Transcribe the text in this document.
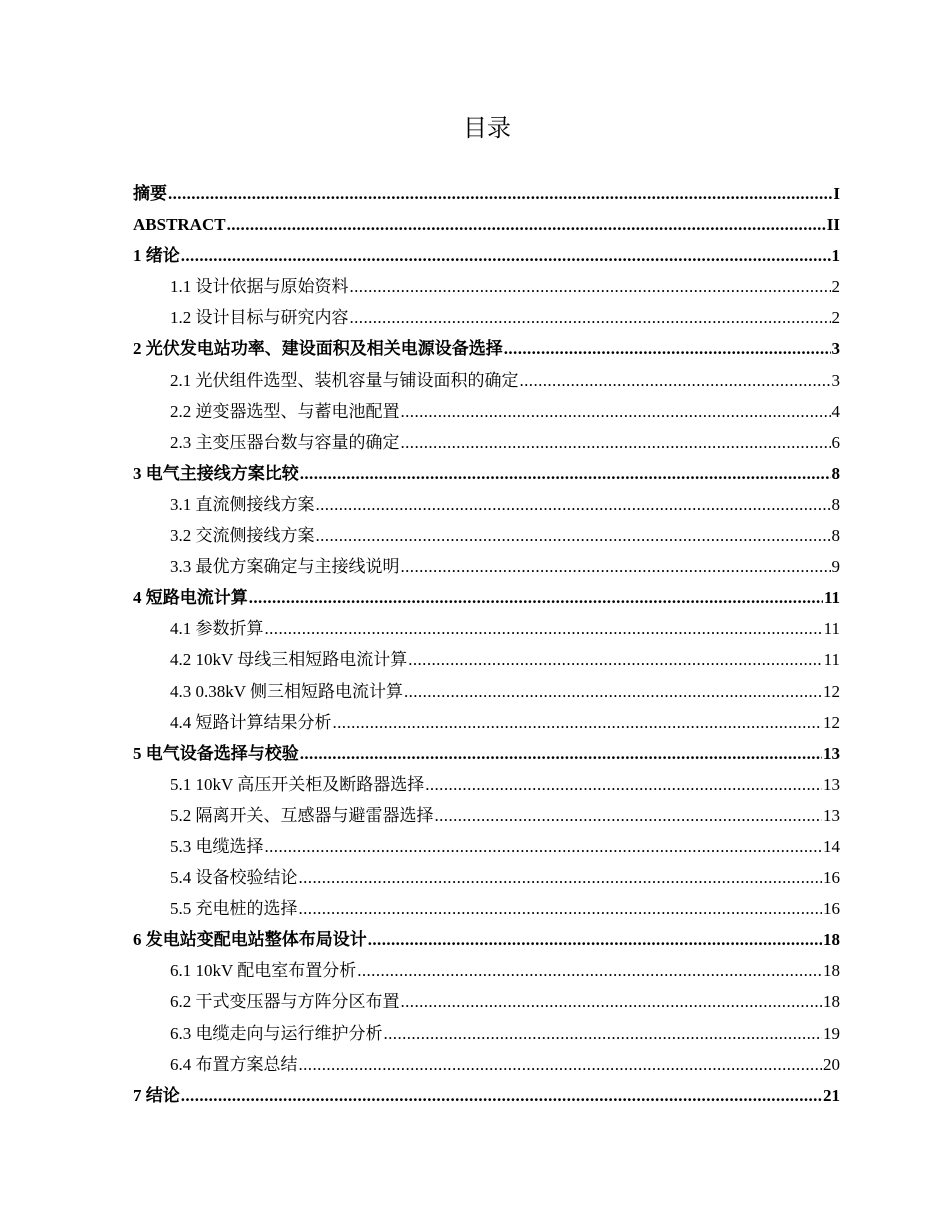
目录
摘要 .....	I
ABSTRACT .....	II
1 绪论 .....	1
1.1 设计依据与原始资料 .....	2
1.2 设计目标与研究内容 .....	2
2 光伏发电站功率、建设面积及相关电源设备选择 .....	3
2.1 光伏组件选型、装机容量与铺设面积的确定 .....	3
2.2 逆变器选型、与蓄电池配置 .....	4
2.3 主变压器台数与容量的确定 .....	6
3 电气主接线方案比较 .....	8
3.1 直流侧接线方案 .....	8
3.2 交流侧接线方案 .....	8
3.3 最优方案确定与主接线说明 .....	9
4 短路电流计算 .....	11
4.1 参数折算 .....	11
4.2 10kV 母线三相短路电流计算 .....	11
4.3 0.38kV 侧三相短路电流计算 .....	12
4.4 短路计算结果分析 .....	12
5 电气设备选择与校验 .....	13
5.1 10kV 高压开关柜及断路器选择 .....	13
5.2 隔离开关、互感器与避雷器选择 .....	13
5.3 电缆选择 .....	14
5.4 设备校验结论 .....	16
5.5 充电桩的选择 .....	16
6 发电站变配电站整体布局设计 .....	18
6.1 10kV 配电室布置分析 .....	18
6.2 干式变压器与方阵分区布置 .....	18
6.3 电缆走向与运行维护分析 .....	19
6.4 布置方案总结 .....	20
7 结论 .....	21
